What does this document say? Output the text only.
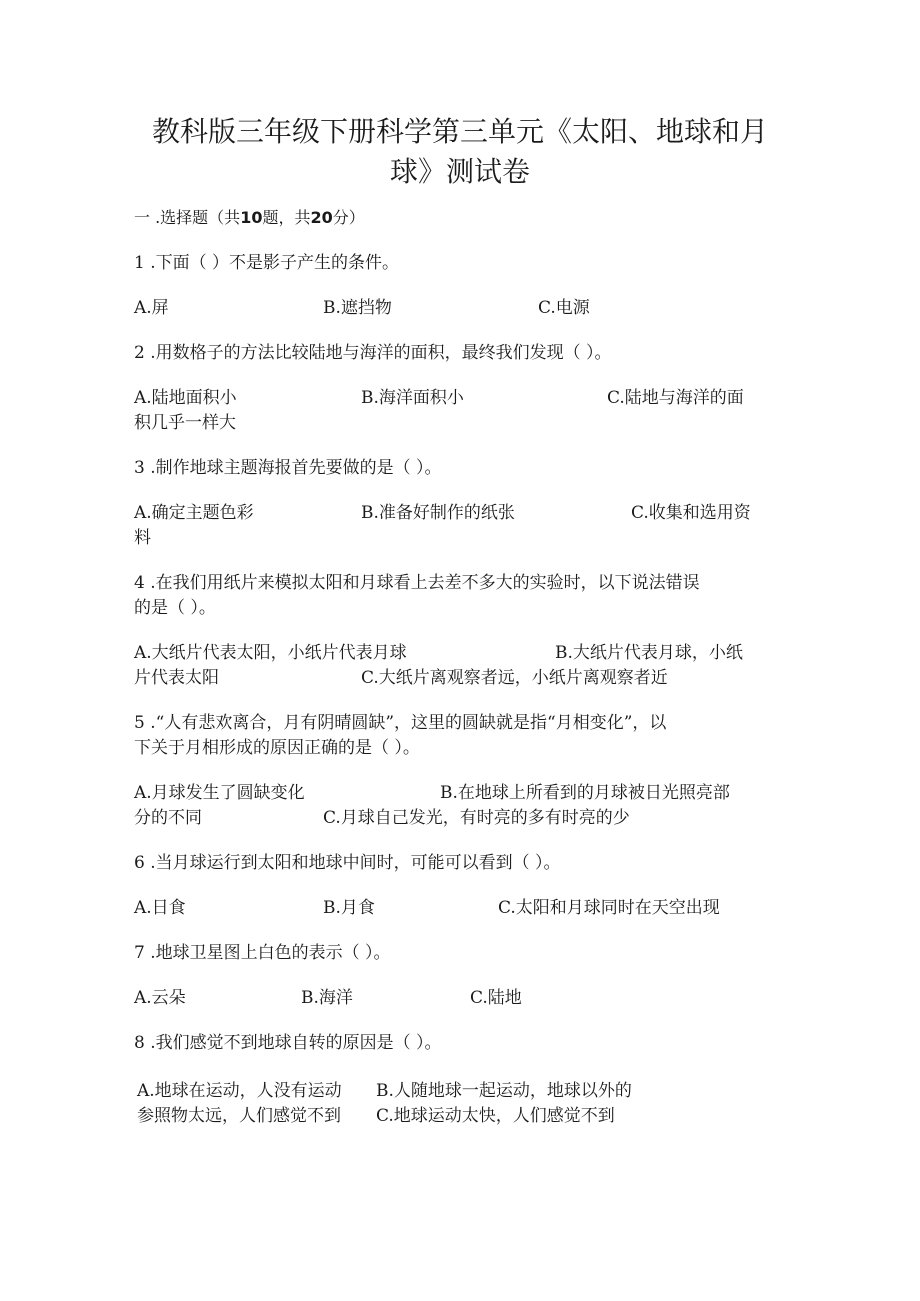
教科版三年级下册科学第三单元《太阳、地球和月
球》测试卷
一 .选择题（共10题，共20分）
1 .下面（ ）不是影子产生的条件。
A.屏	B.遮挡物	C.电源
2 .用数格子的方法比较陆地与海洋的面积，最终我们发现（ ）。
A.陆地面积小	B.海洋面积小	C.陆地与海洋的面
积几乎一样大
3 .制作地球主题海报首先要做的是（ ）。
A.确定主题色彩	B.准备好制作的纸张	C.收集和选用资
料
4 .在我们用纸片来模拟太阳和月球看上去差不多大的实验时，以下说法错误
的是（ ）。
A.大纸片代表太阳，小纸片代表月球	B.大纸片代表月球，小纸
片代表太阳	C.大纸片离观察者远，小纸片离观察者近
5 .“人有悲欢离合，月有阴晴圆缺”，这里的圆缺就是指“月相变化”，以
下关于月相形成的原因正确的是（ ）。
A.月球发生了圆缺变化	B.在地球上所看到的月球被日光照亮部
分的不同	C.月球自己发光，有时亮的多有时亮的少
6 .当月球运行到太阳和地球中间时，可能可以看到（ ）。
A.日食	B.月食	C.太阳和月球同时在天空出现
7 .地球卫星图上白色的表示（ ）。
A.云朵	B.海洋	C.陆地
8 .我们感觉不到地球自转的原因是（ ）。
A.地球在运动，人没有运动 B.人随地球一起运动，地球以外的
参照物太远，人们感觉不到 C.地球运动太快，人们感觉不到
